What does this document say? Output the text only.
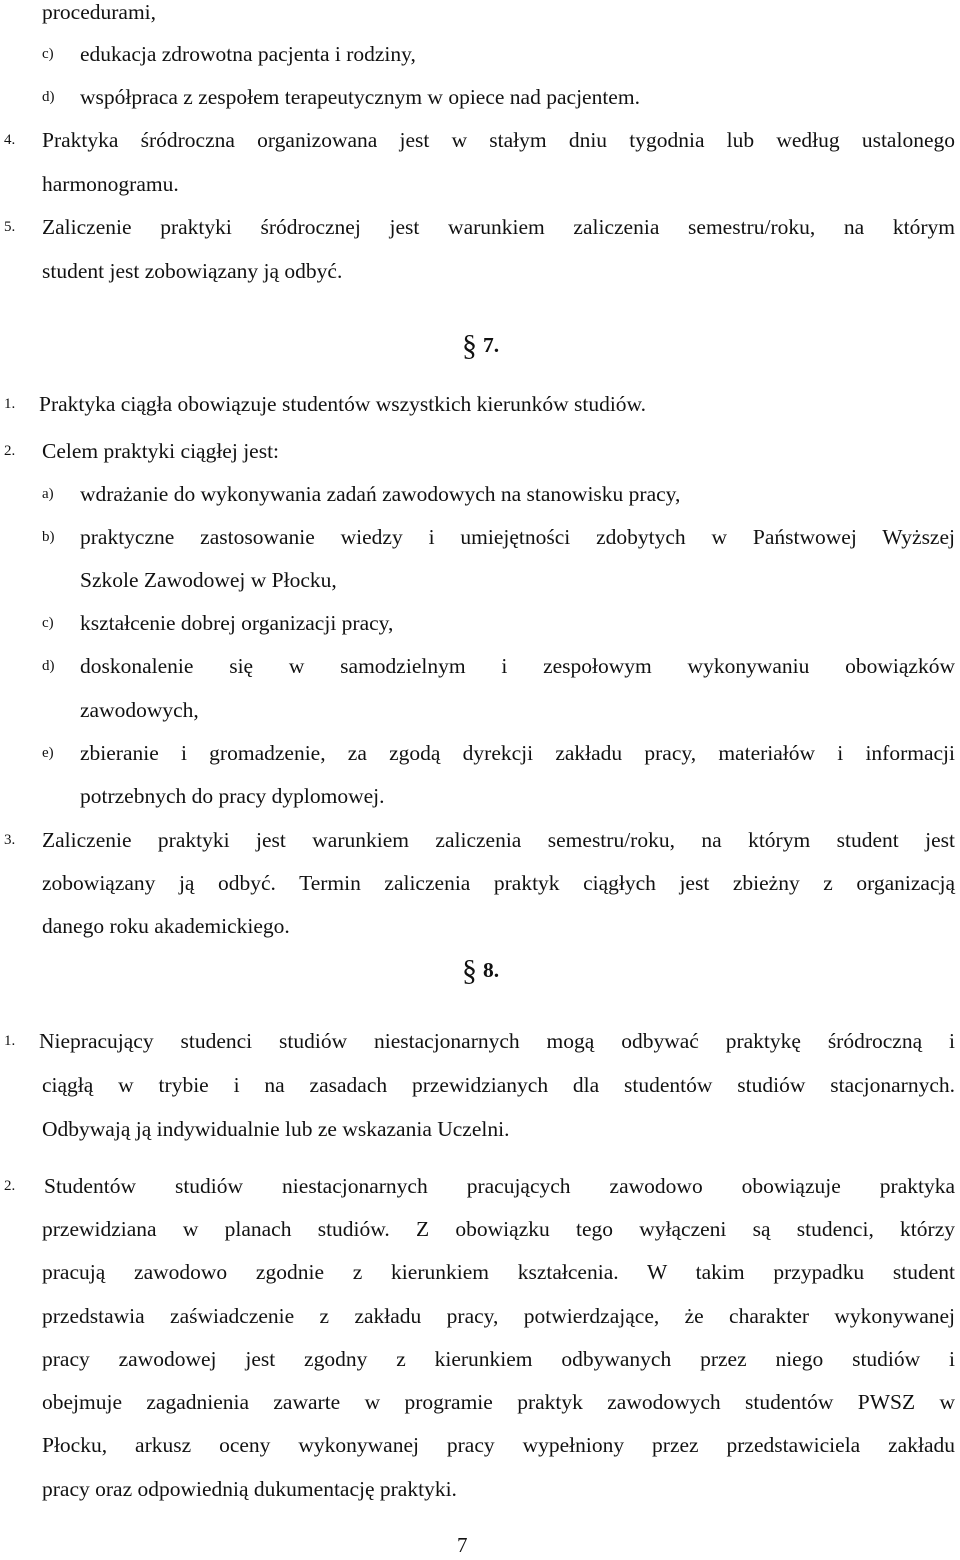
procedurami,
c) edukacja zdrowotna pacjenta i rodziny,
d) współpraca z zespołem terapeutycznym w opiece nad pacjentem.
4. Praktyka śródroczna organizowana jest w stałym dniu tygodnia lub według ustalonego
harmonogramu.
5. Zaliczenie praktyki śródrocznej jest warunkiem zaliczenia semestru/roku, na którym
student jest zobowiązany ją odbyć.
§ 7.
1. Praktyka ciągła obowiązuje studentów wszystkich kierunków studiów.
2. Celem praktyki ciągłej jest:
a) wdrażanie do wykonywania zadań zawodowych na stanowisku pracy,
b) praktyczne zastosowanie wiedzy i umiejętności zdobytych w Państwowej Wyższej
Szkole Zawodowej w Płocku,
c) kształcenie dobrej organizacji pracy,
d) doskonalenie się w samodzielnym i zespołowym wykonywaniu obowiązków
zawodowych,
e) zbieranie i gromadzenie, za zgodą dyrekcji zakładu pracy, materiałów i informacji
potrzebnych do pracy dyplomowej.
3. Zaliczenie praktyki jest warunkiem zaliczenia semestru/roku, na którym student jest
zobowiązany ją odbyć. Termin zaliczenia praktyk ciągłych jest zbieżny z organizacją
danego roku akademickiego.
§ 8.
1. Niepracujący studenci studiów niestacjonarnych mogą odbywać praktykę śródroczną i
ciągłą w trybie i na zasadach przewidzianych dla studentów studiów stacjonarnych.
Odbywają ją indywidualnie lub ze wskazania Uczelni.
2. Studentów studiów niestacjonarnych pracujących zawodowo obowiązuje praktyka
przewidziana w planach studiów. Z obowiązku tego wyłączeni są studenci, którzy
pracują zawodowo zgodnie z kierunkiem kształcenia. W takim przypadku student
przedstawia zaświadczenie z zakładu pracy, potwierdzające, że charakter wykonywanej
pracy zawodowej jest zgodny z kierunkiem odbywanych przez niego studiów i
obejmuje zagadnienia zawarte w programie praktyk zawodowych studentów PWSZ w
Płocku, arkusz oceny wykonywanej pracy wypełniony przez przedstawiciela zakładu
pracy oraz odpowiednią dukumentację praktyki.
7
